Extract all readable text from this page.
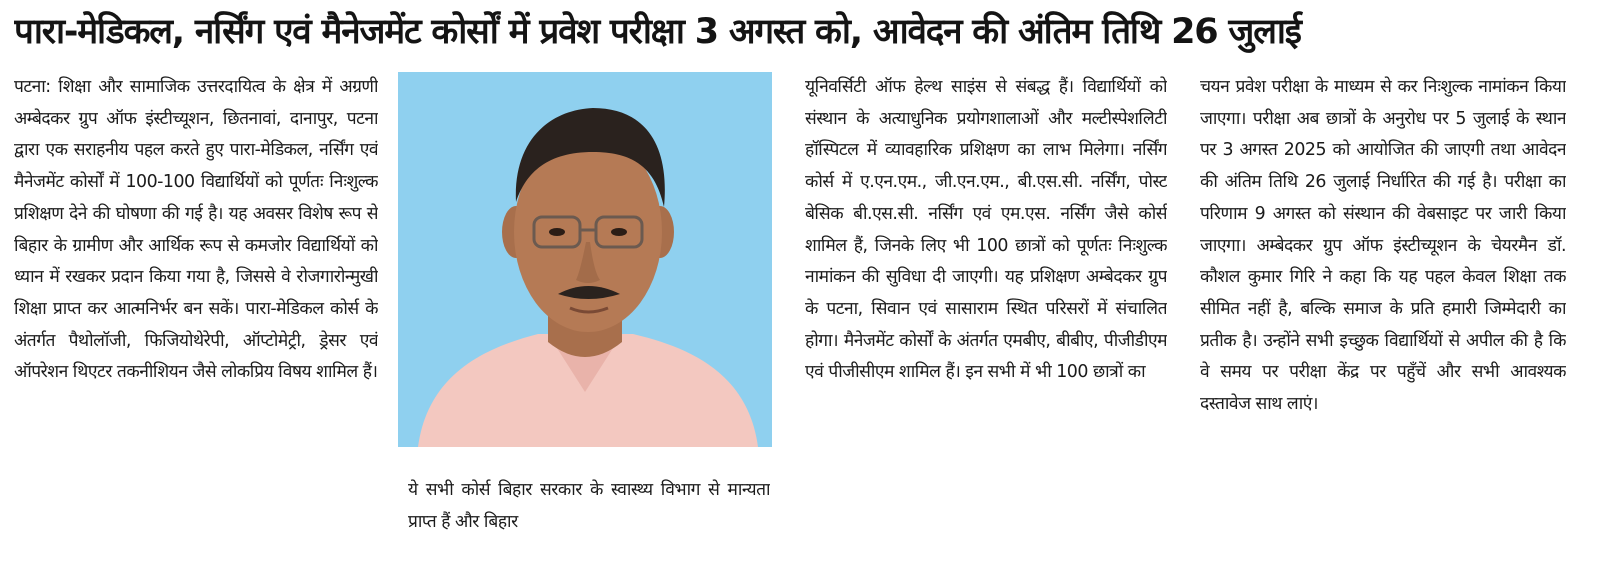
पारा-मेडिकल, नर्सिंग एवं मैनेजमेंट कोर्सों में प्रवेश परीक्षा 3 अगस्त को, आवेदन की अंतिम तिथि 26 जुलाई
पटना: शिक्षा और सामाजिक उत्तरदायित्व के क्षेत्र में अग्रणी अम्बेदकर ग्रुप ऑफ इंस्टीच्यूशन, छितनावां, दानापुर, पटना द्वारा एक सराहनीय पहल करते हुए पारा-मेडिकल, नर्सिंग एवं मैनेजमेंट कोर्सों में 100-100 विद्यार्थियों को पूर्णतः निःशुल्क प्रशिक्षण देने की घोषणा की गई है। यह अवसर विशेष रूप से बिहार के ग्रामीण और आर्थिक रूप से कमजोर विद्यार्थियों को ध्यान में रखकर प्रदान किया गया है, जिससे वे रोजगारोन्मुखी शिक्षा प्राप्त कर आत्मनिर्भर बन सकें। पारा-मेडिकल कोर्स के अंतर्गत पैथोलॉजी, फिजियोथेरेपी, ऑप्टोमेट्री, ड्रेसर एवं ऑपरेशन थिएटर तकनीशियन जैसे लोकप्रिय विषय शामिल हैं।
ये सभी कोर्स बिहार सरकार के स्वास्थ्य विभाग से मान्यता प्राप्त हैं और बिहार
यूनिवर्सिटी ऑफ हेल्थ साइंस से संबद्ध हैं। विद्यार्थियों को संस्थान के अत्याधुनिक प्रयोगशालाओं और मल्टीस्पेशलिटी हॉस्पिटल में व्यावहारिक प्रशिक्षण का लाभ मिलेगा। नर्सिंग कोर्स में ए.एन.एम., जी.एन.एम., बी.एस.सी. नर्सिंग, पोस्ट बेसिक बी.एस.सी. नर्सिंग एवं एम.एस. नर्सिंग जैसे कोर्स शामिल हैं, जिनके लिए भी 100 छात्रों को पूर्णतः निःशुल्क नामांकन की सुविधा दी जाएगी। यह प्रशिक्षण अम्बेदकर ग्रुप के पटना, सिवान एवं सासाराम स्थित परिसरों में संचालित होगा। मैनेजमेंट कोर्सों के अंतर्गत एमबीए, बीबीए, पीजीडीएम एवं पीजीसीएम शामिल हैं। इन सभी में भी 100 छात्रों का
चयन प्रवेश परीक्षा के माध्यम से कर निःशुल्क नामांकन किया जाएगा। परीक्षा अब छात्रों के अनुरोध पर 5 जुलाई के स्थान पर 3 अगस्त 2025 को आयोजित की जाएगी तथा आवेदन की अंतिम तिथि 26 जुलाई निर्धारित की गई है। परीक्षा का परिणाम 9 अगस्त को संस्थान की वेबसाइट पर जारी किया जाएगा। अम्बेदकर ग्रुप ऑफ इंस्टीच्यूशन के चेयरमैन डॉ. कौशल कुमार गिरि ने कहा कि यह पहल केवल शिक्षा तक सीमित नहीं है, बल्कि समाज के प्रति हमारी जिम्मेदारी का प्रतीक है। उन्होंने सभी इच्छुक विद्यार्थियों से अपील की है कि वे समय पर परीक्षा केंद्र पर पहुँचें और सभी आवश्यक दस्तावेज साथ लाएं।
